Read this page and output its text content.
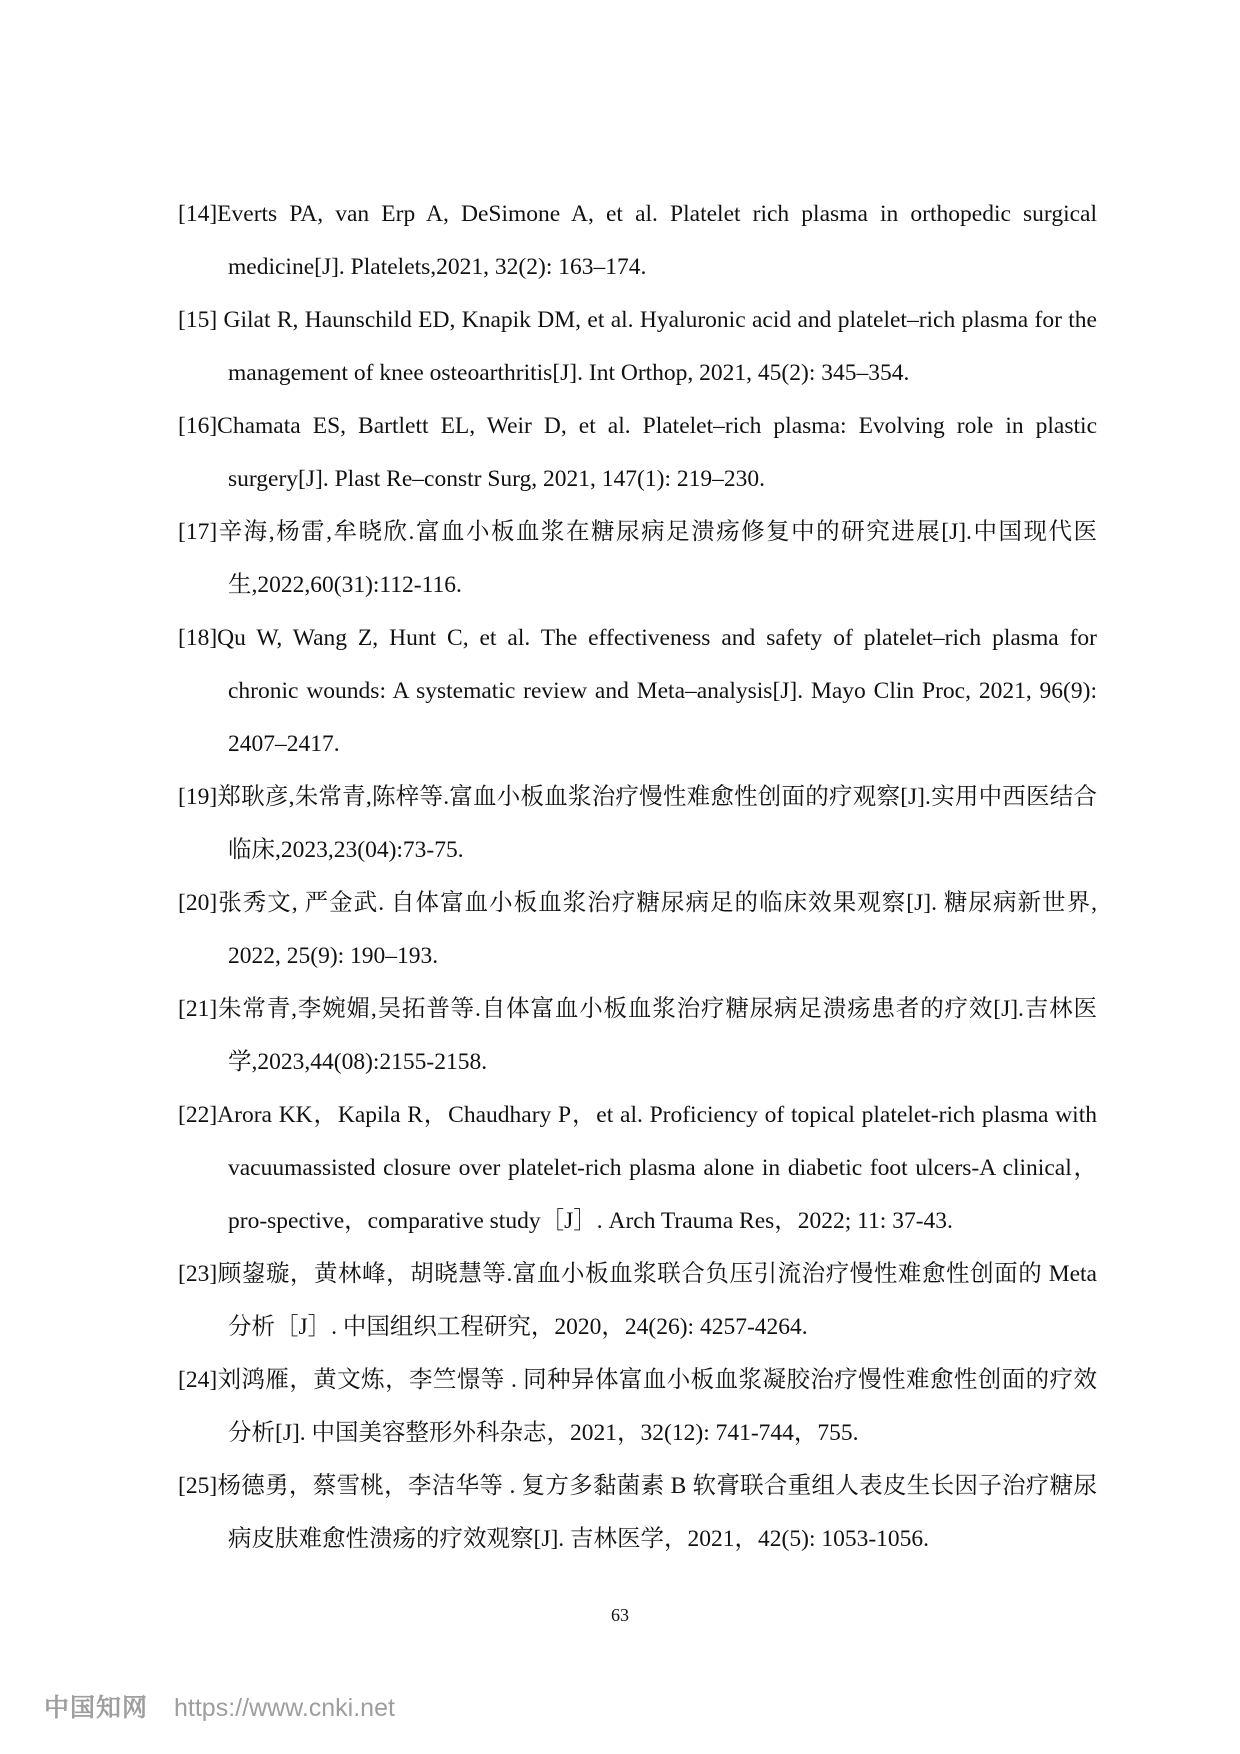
[14]Everts PA, van Erp A, DeSimone A, et al. Platelet rich plasma in orthopedic surgical medicine[J]. Platelets,2021, 32(2): 163–174.

[15] Gilat R, Haunschild ED, Knapik DM, et al. Hyaluronic acid and platelet–rich plasma for the management of knee osteoarthritis[J]. Int Orthop, 2021, 45(2): 345–354.

[16]Chamata ES, Bartlett EL, Weir D, et al. Platelet–rich plasma: Evolving role in plastic surgery[J]. Plast Re–constr Surg, 2021, 147(1): 219–230.

[17]辛海,杨雷,牟晓欣.富血小板血浆在糖尿病足溃疡修复中的研究进展[J].中国现代医生,2022,60(31):112-116.

[18]Qu W, Wang Z, Hunt C, et al. The effectiveness and safety of platelet–rich plasma for chronic wounds: A systematic review and Meta–analysis[J]. Mayo Clin Proc, 2021, 96(9): 2407–2417.

[19]郑耿彦,朱常青,陈梓等.富血小板血浆治疗慢性难愈性创面的疗观察[J].实用中西医结合临床,2023,23(04):73-75.

[20]张秀文, 严金武. 自体富血小板血浆治疗糖尿病足的临床效果观察[J]. 糖尿病新世界, 2022, 25(9): 190–193.

[21]朱常青,李婉媚,吴拓普等.自体富血小板血浆治疗糖尿病足溃疡患者的疗效[J].吉林医学,2023,44(08):2155-2158.

[22]Arora KK，Kapila R，Chaudhary P，et al. Proficiency of topical platelet-rich plasma with vacuumassisted closure over platelet-rich plasma alone in diabetic foot ulcers-A clinical，pro-spective，comparative study［J］. Arch Trauma Res，2022; 11: 37-43.

[23]顾鋆璇，黄林峰，胡晓慧等.富血小板血浆联合负压引流治疗慢性难愈性创面的 Meta 分析［J］. 中国组织工程研究，2020，24(26): 4257-4264.

[24]刘鸿雁，黄文炼，李竺憬等 . 同种异体富血小板血浆凝胶治疗慢性难愈性创面的疗效分析[J]. 中国美容整形外科杂志，2021，32(12): 741-744，755.

[25]杨德勇，蔡雪桃，李洁华等 . 复方多黏菌素 B 软膏联合重组人表皮生长因子治疗糖尿病皮肤难愈性溃疡的疗效观察[J]. 吉林医学，2021，42(5): 1053-1056.

63
中国知网 https://www.cnki.net
